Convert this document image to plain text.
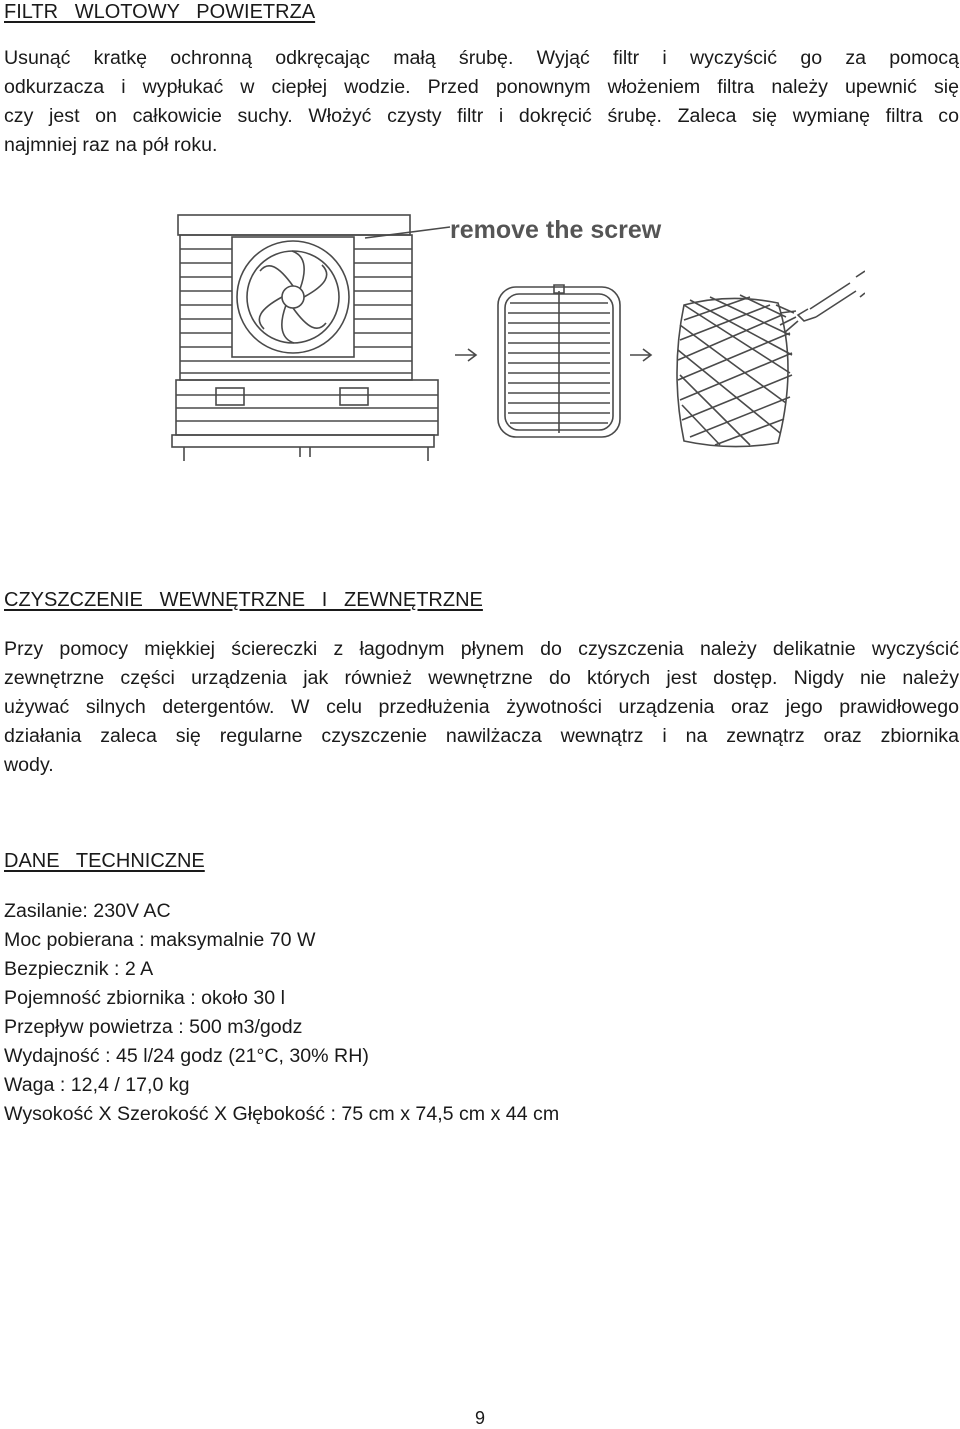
FILTR   WLOTOWY   POWIETRZA

Usunąć kratkę ochronną odkręcając małą śrubę. Wyjąć filtr i wyczyścić go za pomocą
odkurzacza i wypłukać w ciepłej wodzie. Przed ponownym włożeniem filtra należy upewnić się
czy jest on całkowicie suchy. Włożyć czysty filtr i dokręcić śrubę. Zaleca się wymianę filtra co
najmniej raz na pół roku.

remove the screw
CZYSZCZENIE   WEWNĘTRZNE   I   ZEWNĘTRZNE

Przy pomocy miękkiej ściereczki z łagodnym płynem do czyszczenia należy delikatnie wyczyścić
zewnętrzne części urządzenia jak również wewnętrzne do których jest dostęp. Nigdy nie należy
używać silnych detergentów. W celu przedłużenia żywotności urządzenia oraz jego prawidłowego
działania zaleca się regularne czyszczenie nawilżacza wewnątrz i na zewnątrz oraz zbiornika
wody.

DANE   TECHNICZNE
Zasilanie: 230V AC
Moc pobierana : maksymalnie 70 W
Bezpiecznik : 2 A
Pojemność zbiornika : około 30 l
Przepływ powietrza : 500 m3/godz
Wydajność : 45 l/24 godz (21°C, 30% RH)
Waga : 12,4 / 17,0 kg
Wysokość X Szerokość X Głębokość : 75 cm x 74,5 cm x 44 cm
9
